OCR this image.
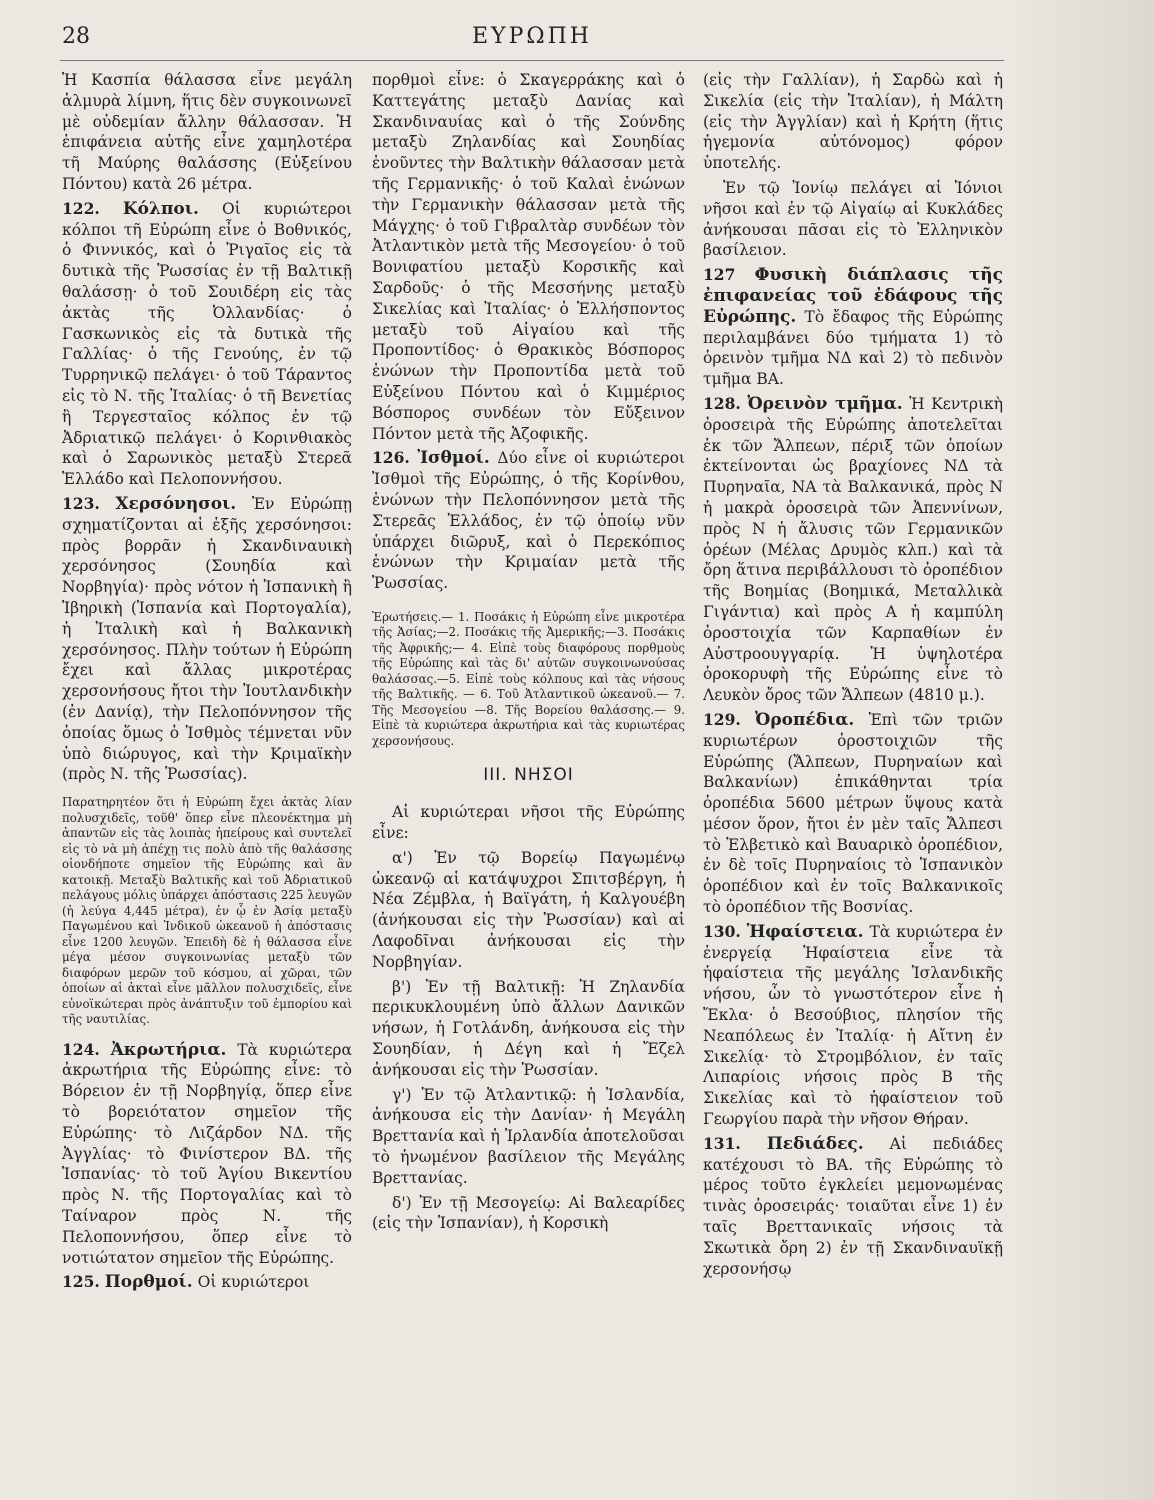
28	ΕΥΡΩΠΗ

Ἡ Κασπία θάλασσα εἶνε μεγάλη ἁλμυρὰ λίμνη, ἥτις δὲν συγκοινωνεῖ μὲ οὐδεμίαν ἄλλην θάλασσαν. Ἡ ἐπιφάνεια αὐτῆς εἶνε χαμηλοτέρα τῆ Μαύρης θαλάσσης (Εὐξείνου Πόντου) κατὰ 26 μέτρα.

122. Κόλποι. Οἱ κυριώτεροι κόλποι τῆ Εὐρώπη εἶνε ὁ Βοθνικός, ὁ Φιννικός, καὶ ὁ Ῥιγαῖος εἰς τὰ δυτικὰ τῆς Ῥωσσίας ἐν τῇ Βαλτικῇ θαλάσσῃ· ὁ τοῦ Σουιδέρη εἰς τὰς ἀκτὰς τῆς Ὀλλανδίας· ὁ Γασκωνικὸς εἰς τὰ δυτικὰ τῆς Γαλλίας· ὁ τῆς Γενούης, ἐν τῷ Τυρρηνικῷ πελάγει· ὁ τοῦ Τάραντος εἰς τὸ Ν. τῆς Ἰταλίας· ὁ τῆ Βενετίας ἢ Τεργεσταῖος κόλπος ἐν τῷ Ἀδριατικῷ πελάγει· ὁ Κορινθιακὸς καὶ ὁ Σαρωνικὸς μεταξὺ Στερεᾶ Ἑλλάδο καὶ Πελοποννήσου.

123. Χερσόνησοι. Ἐν Εὐρώπῃ σχηματίζονται αἱ ἑξῆς χερσόνησοι: πρὸς βορρᾶν ἡ Σκανδιναυικὴ χερσόνησος (Σουηδία καὶ Νορβηγία)· πρὸς νότον ἡ Ἱσπανικὴ ἢ Ἰβηρικὴ (Ἱσπανία καὶ Πορτογαλία), ἡ Ἰταλικὴ καὶ ἡ Βαλκανικὴ χερσόνησος. Πλὴν τούτων ἡ Εὐρώπη ἔχει καὶ ἄλλας μικροτέρας χερσονήσους ἤτοι τὴν Ἰουτλανδικὴν (ἐν Δανίᾳ), τὴν Πελοπόννησον τῆς ὁποίας ὅμως ὁ Ἰσθμὸς τέμνεται νῦν ὑπὸ διώρυγος, καὶ τὴν Κριμαϊκὴν (πρὸς Ν. τῆς Ῥωσσίας).

Παρατηρητέον ὅτι ἡ Εὐρώπη ἔχει ἀκτὰς λίαν πολυσχιδεῖς, τοῦθ' ὅπερ εἶνε πλεονέκτημα μὴ ἀπαντῶν εἰς τὰς λοιπὰς ἠπείρους καὶ συντελεῖ εἰς τὸ νὰ μὴ ἀπέχῃ τις πολὺ ἀπὸ τῆς θαλάσσης οἱονδήποτε σημεῖον τῆς Εὐρώπης καὶ ἂν κατοικῇ. Μεταξὺ Βαλτικῆς καὶ τοῦ Ἀδριατικοῦ πελάγους μόλις ὑπάρχει ἀπόστασις 225 λευγῶν (ἡ λεύγα 4,445 μέτρα), ἐν ᾧ ἐν Ἀσίᾳ μεταξὺ Παγωμένου καὶ Ἰνδικοῦ ὠκεανοῦ ἡ ἀπόστασις εἶνε 1200 λευγῶν. Ἐπειδὴ δὲ ἡ θάλασσα εἶνε μέγα μέσον συγκοινωνίας μεταξὺ τῶν διαφόρων μερῶν τοῦ κόσμου, αἱ χῶραι, τῶν ὁποίων αἱ ἀκταὶ εἶνε μᾶλλον πολυσχιδεῖς, εἶνε εὐνοϊκώτεραι πρὸς ἀνάπτυξιν τοῦ ἐμπορίου καὶ τῆς ναυτιλίας.

124. Ἀκρωτήρια. Τὰ κυριώτερα ἀκρωτήρια τῆς Εὐρώπης εἶνε: τὸ Βόρειον ἐν τῇ Νορβηγίᾳ, ὅπερ εἶνε τὸ βορειότατον σημεῖον τῆς Εὐρώπης· τὸ Λιζάρδον ΝΔ. τῆς Ἀγγλίας· τὸ Φινίστερον ΒΔ. τῆς Ἱσπανίας· τὸ τοῦ Ἁγίου Βικεντίου πρὸς Ν. τῆς Πορτογαλίας καὶ τὸ Ταίναρον πρὸς Ν. τῆς Πελοποννήσου, ὅπερ εἶνε τὸ νοτιώτατον σημεῖον τῆς Εὐρώπης.

125. Πορθμοί. Οἱ κυριώτεροι

πορθμοὶ εἶνε: ὁ Σκαγερράκης καὶ ὁ Καττεγάτης μεταξὺ Δανίας καὶ Σκανδιναυίας καὶ ὁ τῆς Σούνδης μεταξὺ Ζηλανδίας καὶ Σουηδίας ἑνοῦντες τὴν Βαλτικὴν θάλασσαν μετὰ τῆς Γερμανικῆς· ὁ τοῦ Καλαὶ ἑνώνων τὴν Γερμανικὴν θάλασσαν μετὰ τῆς Μάγχης· ὁ τοῦ Γιβραλτὰρ συνδέων τὸν Ἀτλαντικὸν μετὰ τῆς Μεσογείου· ὁ τοῦ Βονιφατίου μεταξὺ Κορσικῆς καὶ Σαρδοῦς· ὁ τῆς Μεσσήνης μεταξὺ Σικελίας καὶ Ἰταλίας· ὁ Ἑλλήσποντος μεταξὺ τοῦ Αἰγαίου καὶ τῆς Προποντίδος· ὁ Θρακικὸς Βόσπορος ἑνώνων τὴν Προποντίδα μετὰ τοῦ Εὐξείνου Πόντου καὶ ὁ Κιμμέριος Βόσπορος συνδέων τὸν Εὔξεινον Πόντον μετὰ τῆς Ἀζοφικῆς.

126. Ἰσθμοί. Δύο εἶνε οἱ κυριώτεροι Ἰσθμοὶ τῆς Εὐρώπης, ὁ τῆς Κορίνθου, ἑνώνων τὴν Πελοπόννησον μετὰ τῆς Στερεᾶς Ἑλλάδος, ἐν τῷ ὁποίῳ νῦν ὑπάρχει διῶρυξ, καὶ ὁ Περεκόπιος ἑνώνων τὴν Κριμαίαν μετὰ τῆς Ῥωσσίας.

Ἐρωτήσεις.— 1. Ποσάκις ἡ Εὐρώπη εἶνε μικροτέρα τῆς Ἀσίας;—2. Ποσάκις τῆς Ἀμερικῆς;—3. Ποσάκις τῆς Ἀφρικῆς;— 4. Εἰπὲ τοὺς διαφόρους πορθμοὺς τῆς Εὐρώπης καὶ τὰς δι' αὐτῶν συγκοινωνούσας θαλάσσας.—5. Εἰπὲ τοὺς κόλπους καὶ τὰς νήσους τῆς Βαλτικῆς. — 6. Τοῦ Ἀτλαντικοῦ ὠκεανοῦ.— 7. Τῆς Μεσογείου —8. Τῆς Βορείου θαλάσσης.— 9. Εἰπὲ τὰ κυριώτερα ἀκρωτήρια καὶ τὰς κυριωτέρας χερσονήσους.

ΙΙΙ. ΝΗΣΟΙ

Αἱ κυριώτεραι νῆσοι τῆς Εὐρώπης εἶνε:

α') Ἐν τῷ Βορείῳ Παγωμένῳ ὠκεανῷ αἱ κατάψυχροι Σπιτσβέργη, ἡ Νέα Ζέμβλα, ἡ Βαϊγάτη, ἡ Καλγουέβη (ἀνήκουσαι εἰς τὴν Ῥωσσίαν) καὶ αἱ Λαφοδῖναι ἀνήκουσαι εἰς τὴν Νορβηγίαν.

β') Ἐν τῇ Βαλτικῇ: Ἡ Ζηλανδία περικυκλουμένη ὑπὸ ἄλλων Δανικῶν νήσων, ἡ Γοτλάνδη, ἀνήκουσα εἰς τὴν Σουηδίαν, ἡ Δέγη καὶ ἡ Ἔζελ ἀνήκουσαι εἰς τὴν Ῥωσσίαν.

γ') Ἐν τῷ Ἀτλαντικῷ: ἡ Ἰσλανδία, ἀνήκουσα εἰς τὴν Δανίαν· ἡ Μεγάλη Βρεττανία καὶ ἡ Ἰρλανδία ἀποτελοῦσαι τὸ ἡνωμένον βασίλειον τῆς Μεγάλης Βρεττανίας.

δ') Ἐν τῇ Μεσογείῳ: Αἱ Βαλεαρίδες (εἰς τὴν Ἱσπανίαν), ἡ Κορσικὴ

(εἰς τὴν Γαλλίαν), ἡ Σαρδὼ καὶ ἡ Σικελία (εἰς τὴν Ἰταλίαν), ἡ Μάλτη (εἰς τὴν Ἀγγλίαν) καὶ ἡ Κρήτη (ἥτις ἡγεμονία αὐτόνομος) φόρον ὑποτελής.

Ἐν τῷ Ἰονίῳ πελάγει αἱ Ἰόνιοι νῆσοι καὶ ἐν τῷ Αἰγαίῳ αἱ Κυκλάδες ἀνήκουσαι πᾶσαι εἰς τὸ Ἑλληνικὸν βασίλειον.

127 Φυσικὴ διάπλασις τῆς ἐπιφανείας τοῦ ἐδάφους τῆς Εὐρώπης. Τὸ ἔδαφος τῆς Εὐρώπης περιλαμβάνει δύο τμήματα 1) τὸ ὀρεινὸν τμῆμα ΝΔ καὶ 2) τὸ πεδινὸν τμῆμα ΒΑ.

128. Ὀρεινὸν τμῆμα. Ἡ Κεντρικὴ ὀροσειρὰ τῆς Εὐρώπης ἀποτελεῖται ἐκ τῶν Ἄλπεων, πέριξ τῶν ὁποίων ἐκτείνονται ὡς βραχίονες ΝΔ τὰ Πυρηναῖα, ΝΑ τὰ Βαλκανικά, πρὸς Ν ἡ μακρὰ ὀροσειρὰ τῶν Ἀπεννίνων, πρὸς Ν ἡ ἄλυσις τῶν Γερμανικῶν ὀρέων (Μέλας Δρυμὸς κλπ.) καὶ τὰ ὄρη ἅτινα περιβάλλουσι τὸ ὀροπέδιον τῆς Βοημίας (Βοημικά, Μεταλλικὰ Γιγάντια) καὶ πρὸς Α ἡ καμπύλη ὀροστοιχία τῶν Καρπαθίων ἐν Αὐστροουγγαρίᾳ. Ἡ ὑψηλοτέρα ὀροκορυφὴ τῆς Εὐρώπης εἶνε τὸ Λευκὸν ὄρος τῶν Ἄλπεων (4810 μ.).

129. Ὀροπέδια. Ἐπὶ τῶν τριῶν κυριωτέρων ὀροστοιχιῶν τῆς Εὐρώπης (Ἄλπεων, Πυρηναίων καὶ Βαλκανίων) ἐπικάθηνται τρία ὀροπέδια 5600 μέτρων ὕψους κατὰ μέσον ὅρον, ἤτοι ἐν μὲν ταῖς Ἄλπεσι τὸ Ἑλβετικὸ καὶ Βαυαρικὸ ὀροπέδιον, ἐν δὲ τοῖς Πυρηναίοις τὸ Ἱσπανικὸν ὀροπέδιον καὶ ἐν τοῖς Βαλκανικοῖς τὸ ὀροπέδιον τῆς Βοσνίας.

130. Ἡφαίστεια. Τὰ κυριώτερα ἐν ἐνεργείᾳ Ἡφαίστεια εἶνε τὰ ἡφαίστεια τῆς μεγάλης Ἰσλανδικῆς νήσου, ὧν τὸ γνωστότερον εἶνε ἡ Ἔκλα· ὁ Βεσούβιος, πλησίον τῆς Νεαπόλεως ἐν Ἰταλίᾳ· ἡ Αἴτνη ἐν Σικελίᾳ· τὸ Στρομβόλιον, ἐν ταῖς Λιπαρίοις νήσοις πρὸς Β τῆς Σικελίας καὶ τὸ ἡφαίστειον τοῦ Γεωργίου παρὰ τὴν νῆσον Θήραν.

131. Πεδιάδες. Αἱ πεδιάδες κατέχουσι τὸ ΒΑ. τῆς Εὐρώπης τὸ μέρος τοῦτο ἐγκλείει μεμονωμένας τινὰς ὀροσειράς· τοιαῦται εἶνε 1) ἐν ταῖς Βρεττανικαῖς νήσοις τὰ Σκωτικὰ ὄρη 2) ἐν τῇ Σκανδιναυϊκῇ χερσονήσῳ
